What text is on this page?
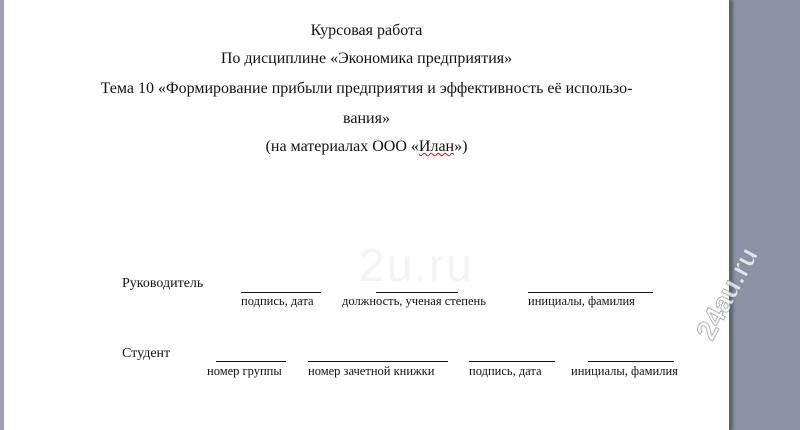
Курсовая работа
По дисциплине «Экономика предприятия»
Тема 10 «Формирование прибыли предприятия и эффективность её использо-
вания»
(на материалах ООО «Илан»)
2u.ru
Руководитель
подпись, дата должность, ученая степень	инициалы, фамилия
Студент
номер группы номер зачетной книжки	подпись, дата инициалы, фамилия
24au.ru
